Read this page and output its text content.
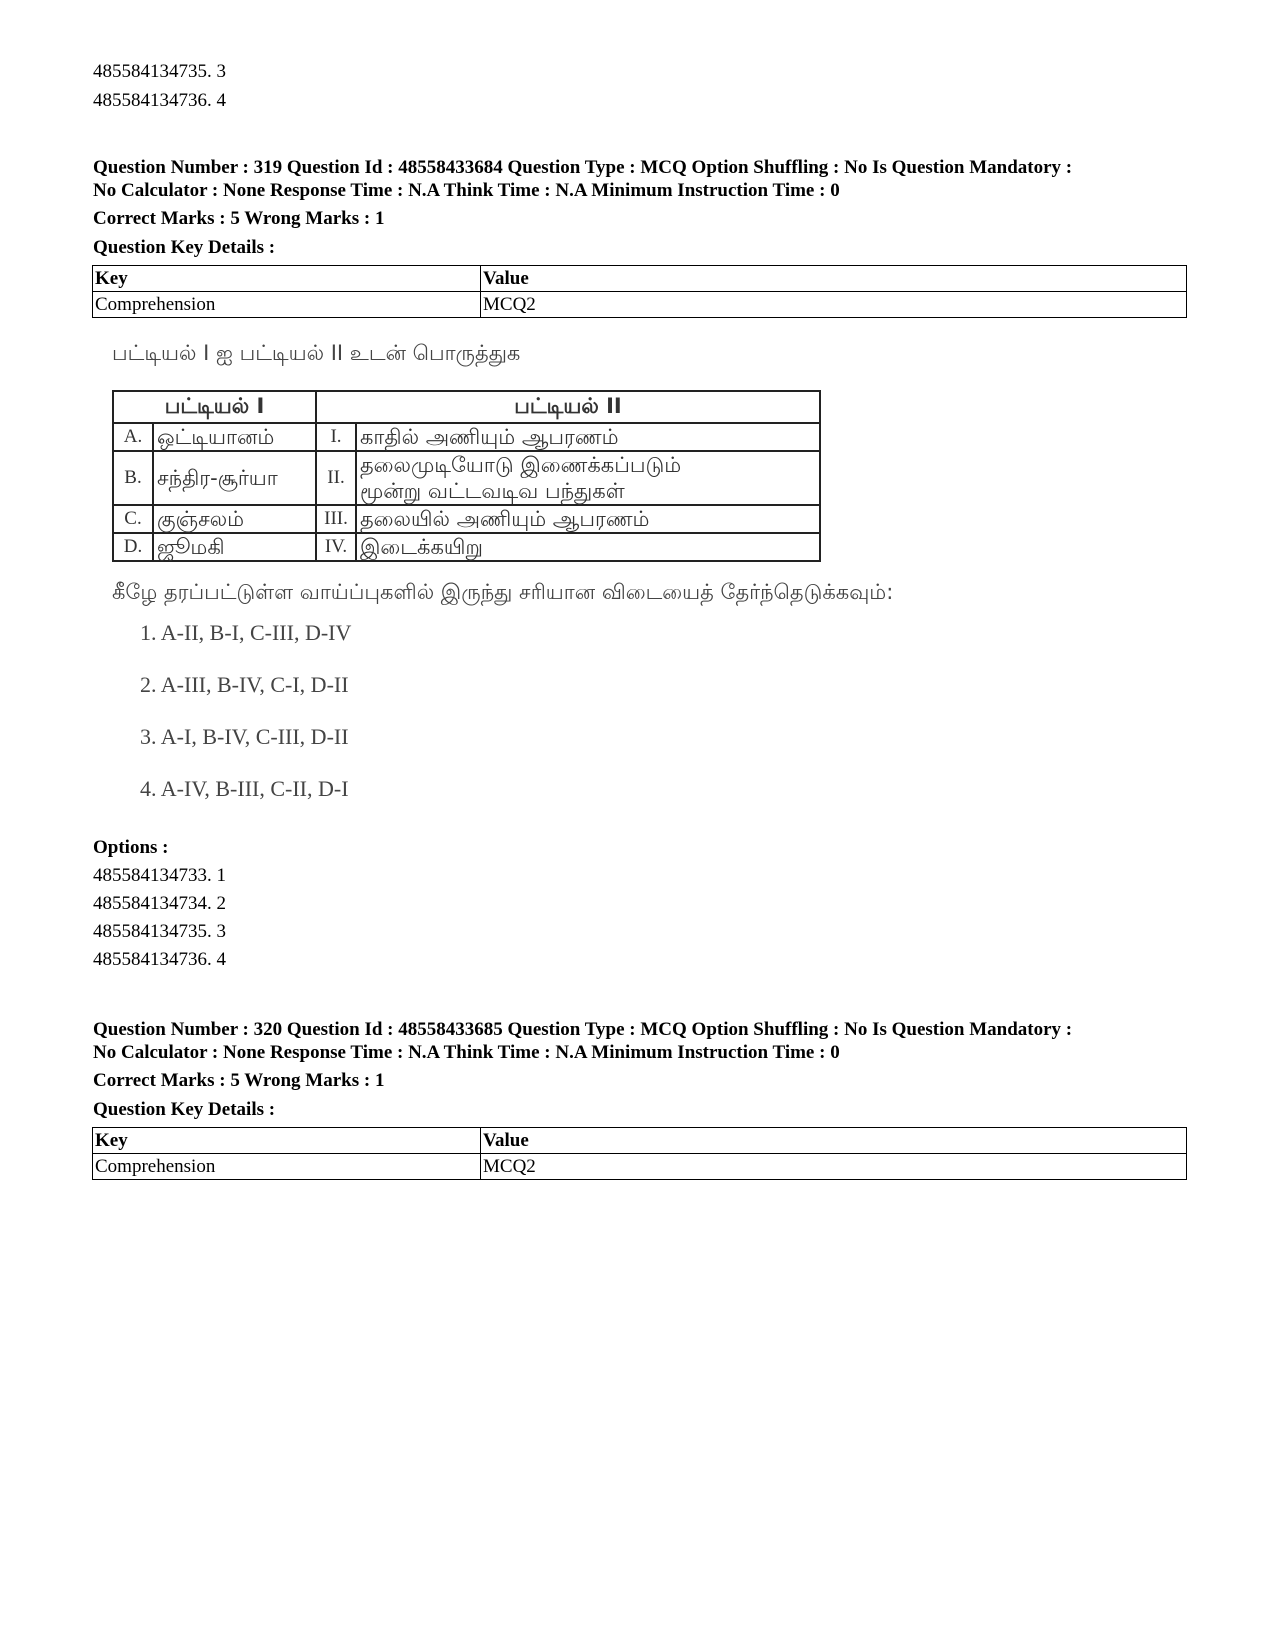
485584134735. 3
485584134736. 4
Question Number : 319 Question Id : 48558433684 Question Type : MCQ Option Shuffling : No Is Question Mandatory :
No Calculator : None Response Time : N.A Think Time : N.A Minimum Instruction Time : 0
Correct Marks : 5 Wrong Marks : 1
Question Key Details :
Key	Value
Comprehension	MCQ2
பட்டியல் I ஐ பட்டியல் II உடன் பொருத்துக
பட்டியல் I		பட்டியல் II	
A.	ஒட்டியானம்	I.	காதில் அணியும் ஆபரணம்
B.	சந்திர-சூர்யா	II.	தலைமுடியோடு இணைக்கப்படும்
மூன்று வட்டவடிவ பந்துகள்

C.	குஞ்சலம்	III.	தலையில் அணியும் ஆபரணம்
D.	ஜூமகி	IV.	இடைக்கயிறு
கீழே தரப்பட்டுள்ள வாய்ப்புகளில் இருந்து சரியான விடையைத் தேர்ந்தெடுக்கவும்:
1. A-II, B-I, C-III, D-IV
2. A-III, B-IV, C-I, D-II
3. A-I, B-IV, C-III, D-II
4. A-IV, B-III, C-II, D-I
Options :
485584134733. 1
485584134734. 2
485584134735. 3
485584134736. 4
Question Number : 320 Question Id : 48558433685 Question Type : MCQ Option Shuffling : No Is Question Mandatory :
No Calculator : None Response Time : N.A Think Time : N.A Minimum Instruction Time : 0
Correct Marks : 5 Wrong Marks : 1
Question Key Details :
Key	Value
Comprehension	MCQ2
